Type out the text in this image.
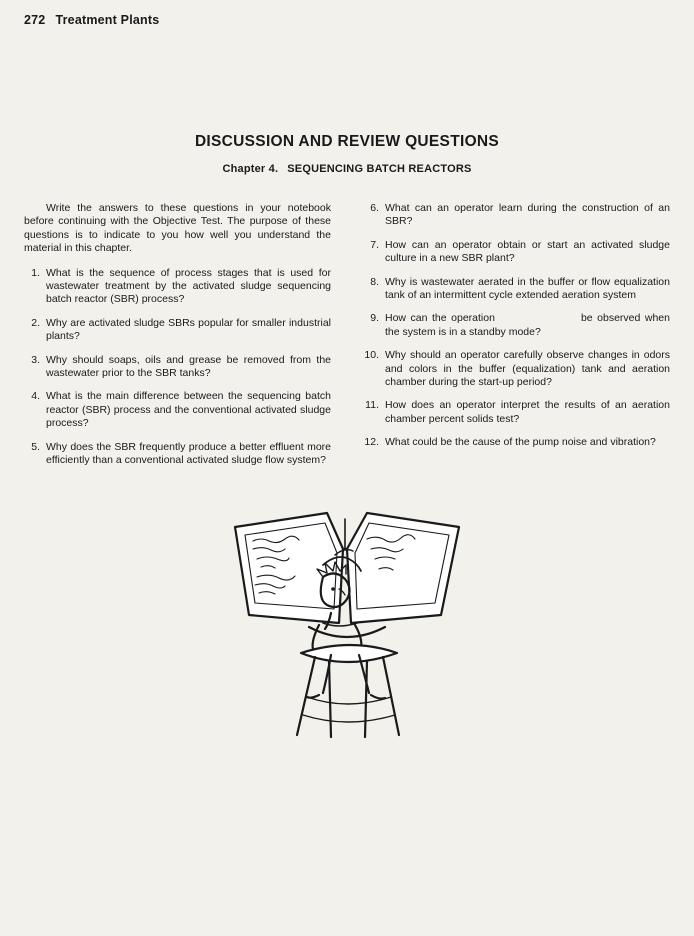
272 Treatment Plants
DISCUSSION AND REVIEW QUESTIONS
Chapter 4. SEQUENCING BATCH REACTORS

Write the answers to these questions in your notebook before continuing with the Objective Test. The purpose of these questions is to indicate to you how well you understand the material in this chapter.

1. What is the sequence of process stages that is used for wastewater treatment by the activated sludge sequencing batch reactor (SBR) process?
2. Why are activated sludge SBRs popular for smaller industrial plants?
3. Why should soaps, oils and grease be removed from the wastewater prior to the SBR tanks?
4. What is the main difference between the sequencing batch reactor (SBR) process and the conventional activated sludge process?
5. Why does the SBR frequently produce a better effluent more efficiently than a conventional activated sludge flow system?
6. What can an operator learn during the construction of an SBR?
7. How can an operator obtain or start an activated sludge culture in a new SBR plant?
8. Why is wastewater aerated in the buffer or flow equalization tank of an intermittent cycle extended aeration system
9. How can the operation	be observed when the system is in a standby mode?
10. Why should an operator carefully observe changes in odors and colors in the buffer (equalization) tank and aeration chamber during the start-up period?
11. How does an operator interpret the results of an aeration chamber percent solids test?
12. What could be the cause of the pump noise and vibration?
